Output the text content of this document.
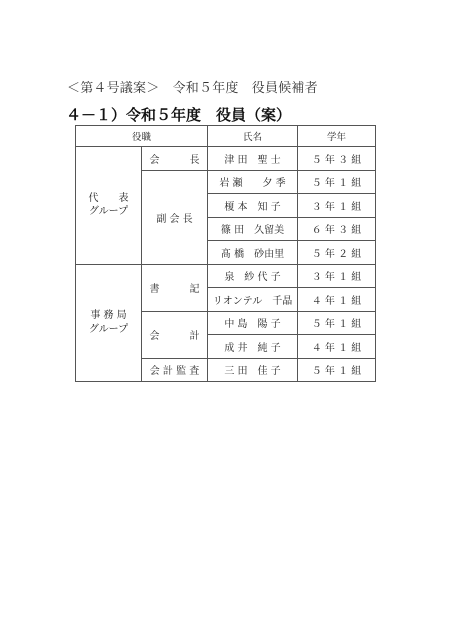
＜第４号議案＞　令和５年度　役員候補者
４－１）令和５年度　役員（案）
役職		氏名	学年

代　　表
グループ	会　　　長	津 田　聖 士	５ 年 ３ 組
	副 会 長	岩 瀬　　夕 季	５ 年 １ 組
		榎 本　知 子	３ 年 １ 組
		篠 田　久留美	６ 年 ３ 組
		髙 橋　砂由里	５ 年 ２ 組

事 務 局
グループ	書　　　記	泉　紗 代 子	３ 年 １ 組
		リオンテル　千晶	４ 年 １ 組
	会　　　計	中 島　陽 子	５ 年 １ 組
		成 井　純 子	４ 年 １ 組
	会 計 監 査	三 田　佳 子	５ 年 １ 組
